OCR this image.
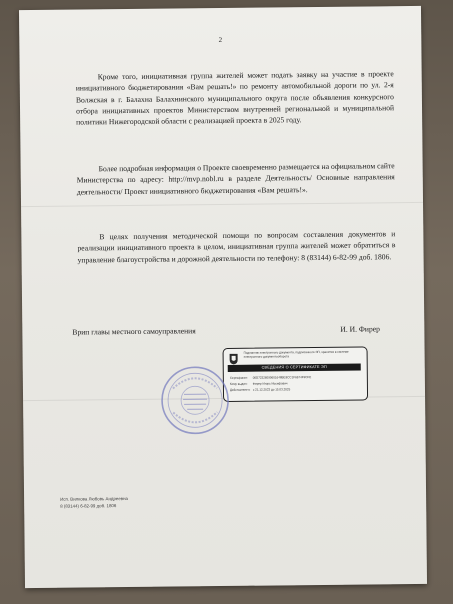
2

Кроме того, инициативная группа жителей может подать заявку на участие в проекте инициативного бюджетирования «Вам решать!» по ремонту автомобильной дороги по ул. 2-я Волжская в г. Балахна Балахнинского муниципального округа после объявления конкурсного отбора инициативных проектов Министерством внутренней региональной и муниципальной политики Нижегородской области с реализацией проекта в 2025 году.

Более подробная информация о Проекте своевременно размещается на официальном сайте Министерства по адресу: http://mvp.nobl.ru в разделе Деятельность/ Основные направления деятельности/ Проект инициативного бюджетирования «Вам решать!».

В целях получения методической помощи по вопросам составления документов и реализации инициативного проекта в целом, инициативная группа жителей может обратиться в управление благоустройства и дорожной деятельности по телефону: 8 (83144) 6-82-99 доб. 1806.

Врип главы местного самоуправления	И. И. Фирер
Подлинник электронного документа, подписанного ЭП, хранится в системе электронного документооборота
СВЕДЕНИЯ О СЕРТИФИКАТЕ ЭП
Сертификат: 00D72326090601648BE8CC1F6674F9CFE
Кому выдан: Фирер Игорь Иосифович
Действителен: с 21.12.2023 до 15.03.2025
Исп. Вилкова Любовь Андреевна
8 (83144) 6-82-99 доб. 1806
